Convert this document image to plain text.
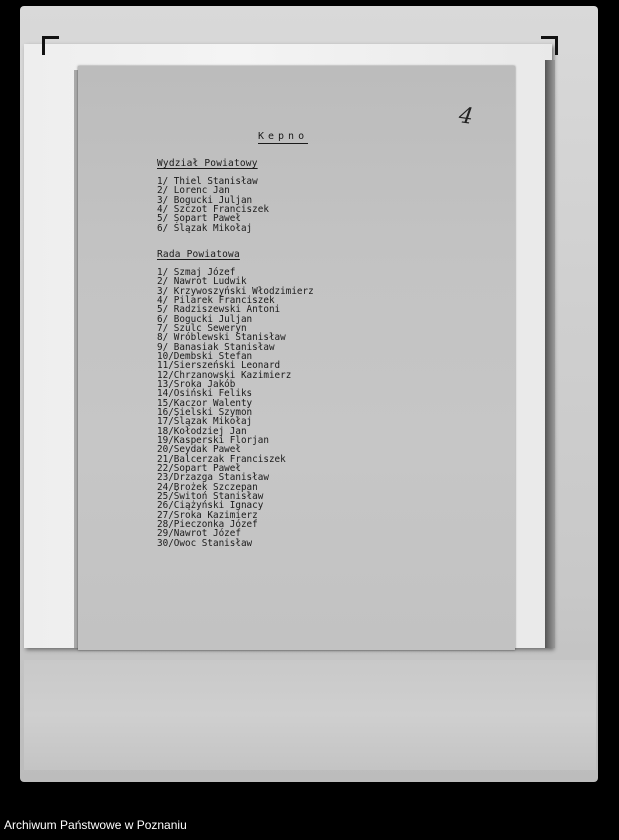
4
Kepno
Wydział Powiatowy
1/ Thiel Stanisław
2/ Lorenc Jan
3/ Bogucki Juljan
4/ Szczot Franciszek
5/ Sopart Paweł
6/ Ślązak Mikołaj
Rada Powiatowa
1/ Szmaj Józef
2/ Nawrot Ludwik
3/ Krzywoszyński Włodzimierz
4/ Pilarek Franciszek
5/ Radziszewski Antoni
6/ Bogucki Juljan
7/ Szulc Seweryn
8/ Wróblewski Stanisław
9/ Banasiak Stanisław
10/Dembski Stefan
11/Sierszeński Leonard
12/Chrzanowski Kazimierz
13/Sroka Jakób
14/Osiński Feliks
15/Kaczor Walenty
16/Sielski Szymon
17/Ślązak Mikołaj
18/Kołodziej Jan
19/Kasperski Florjan
20/Seydak Paweł
21/Balcerzak Franciszek
22/Sopart Paweł
23/Drzazga Stanisław
24/Brożek Szczepan
25/Świtoń Stanisław
26/Ciążyński Ignacy
27/Sroka Kazimierz
28/Pieczonka Józef
29/Nawrot Józef
30/Owoc Stanisław
Archiwum Państwowe w Poznaniu
